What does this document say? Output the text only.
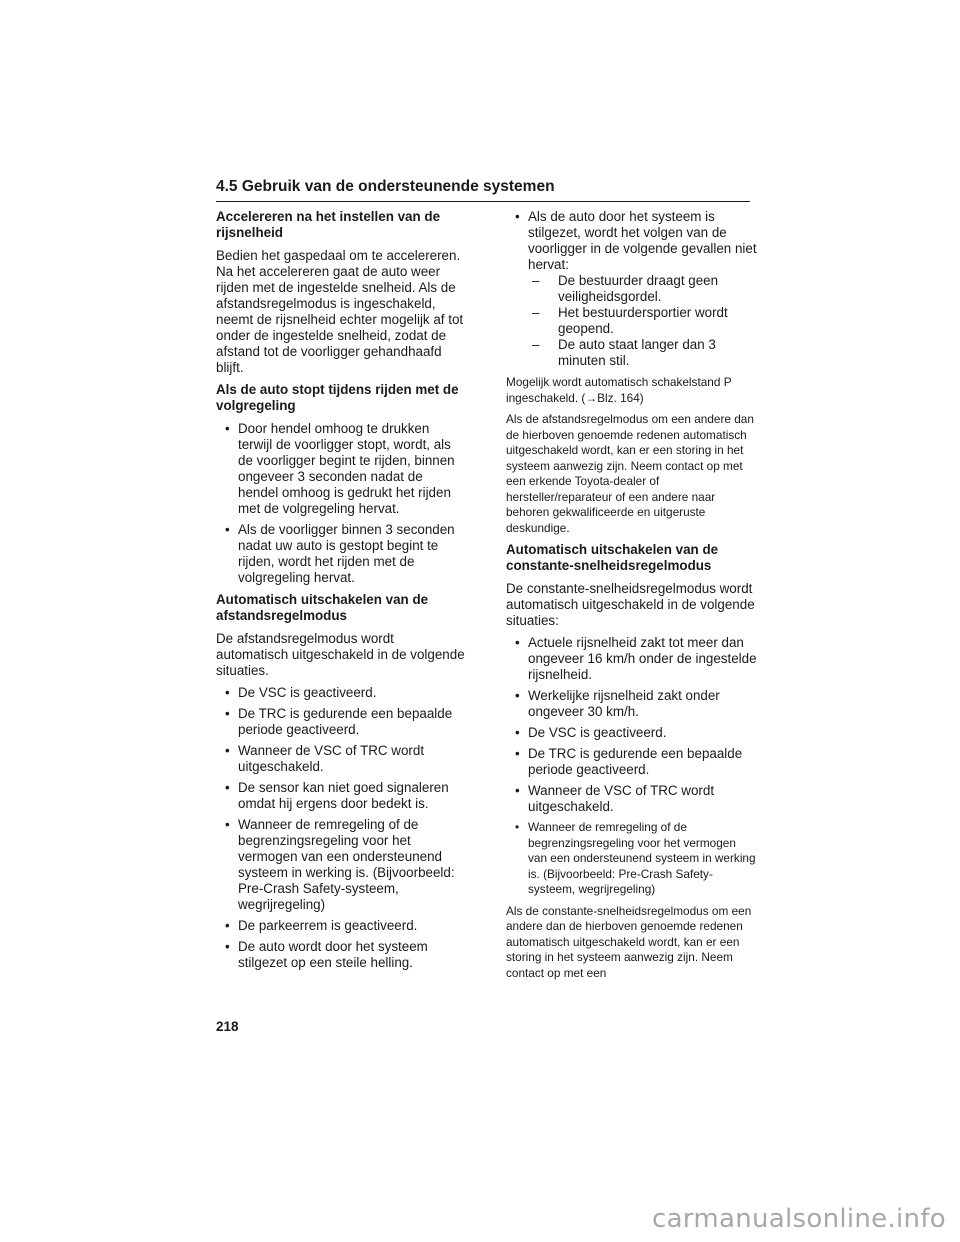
4.5 Gebruik van de ondersteunende systemen

Accelereren na het instellen van de rijsnelheid

Bedien het gaspedaal om te accelereren. Na het accelereren gaat de auto weer rijden met de ingestelde snelheid. Als de afstandsregelmodus is ingeschakeld, neemt de rijsnelheid echter mogelijk af tot onder de ingestelde snelheid, zodat de afstand tot de voorligger gehandhaafd blijft.

Als de auto stopt tijdens rijden met de volgregeling

• Door hendel omhoog te drukken terwijl de voorligger stopt, wordt, als de voorligger begint te rijden, binnen ongeveer 3 seconden nadat de hendel omhoog is gedrukt het rijden met de volgregeling hervat.
• Als de voorligger binnen 3 seconden nadat uw auto is gestopt begint te rijden, wordt het rijden met de volgregeling hervat.

Automatisch uitschakelen van de afstandsregelmodus

De afstandsregelmodus wordt automatisch uitgeschakeld in de volgende situaties.

• De VSC is geactiveerd.
• De TRC is gedurende een bepaalde periode geactiveerd.
• Wanneer de VSC of TRC wordt uitgeschakeld.
• De sensor kan niet goed signaleren omdat hij ergens door bedekt is.
• Wanneer de remregeling of de begrenzingsregeling voor het vermogen van een ondersteunend systeem in werking is. (Bijvoorbeeld: Pre-Crash Safety-systeem, wegrijregeling)
• De parkeerrem is geactiveerd.
• De auto wordt door het systeem stilgezet op een steile helling.
• Als de auto door het systeem is stilgezet, wordt het volgen van de voorligger in de volgende gevallen niet hervat:
– De bestuurder draagt geen veiligheidsgordel.
– Het bestuurdersportier wordt geopend.
– De auto staat langer dan 3 minuten stil.

Mogelijk wordt automatisch schakelstand P ingeschakeld. (→Blz. 164)

Als de afstandsregelmodus om een andere dan de hierboven genoemde redenen automatisch uitgeschakeld wordt, kan er een storing in het systeem aanwezig zijn. Neem contact op met een erkende Toyota-dealer of hersteller/reparateur of een andere naar behoren gekwalificeerde en uitgeruste deskundige.

Automatisch uitschakelen van de constante-snelheidsregelmodus

De constante-snelheidsregelmodus wordt automatisch uitgeschakeld in de volgende situaties:

• Actuele rijsnelheid zakt tot meer dan ongeveer 16 km/h onder de ingestelde rijsnelheid.
• Werkelijke rijsnelheid zakt onder ongeveer 30 km/h.
• De VSC is geactiveerd.
• De TRC is gedurende een bepaalde periode geactiveerd.
• Wanneer de VSC of TRC wordt uitgeschakeld.
• Wanneer de remregeling of de begrenzingsregeling voor het vermogen van een ondersteunend systeem in werking is. (Bijvoorbeeld: Pre-Crash Safety-systeem, wegrijregeling)

Als de constante-snelheidsregelmodus om een andere dan de hierboven genoemde redenen automatisch uitgeschakeld wordt, kan er een storing in het systeem aanwezig zijn. Neem contact op met een

218
carmanualsonline.info
